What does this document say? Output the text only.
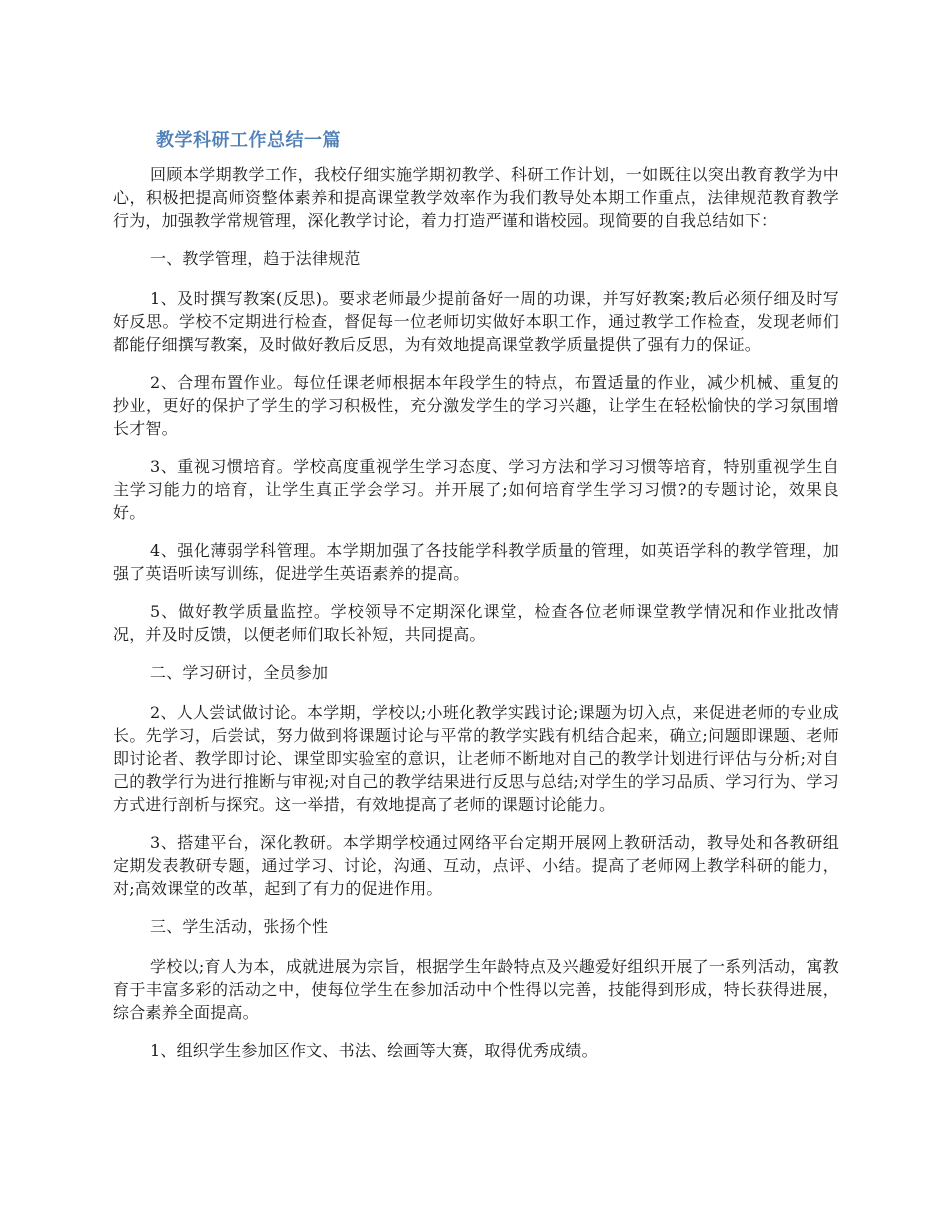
教学科研工作总结一篇

回顾本学期教学工作，我校仔细实施学期初教学、科研工作计划，一如既往以突出教育教学为中心，积极把提高师资整体素养和提高课堂教学效率作为我们教导处本期工作重点，法律规范教育教学行为，加强教学常规管理，深化教学讨论，着力打造严谨和谐校园。现简要的自我总结如下：

一、教学管理，趋于法律规范

1、及时撰写教案(反思)。要求老师最少提前备好一周的功课，并写好教案;教后必须仔细及时写好反思。学校不定期进行检查，督促每一位老师切实做好本职工作，通过教学工作检查，发现老师们都能仔细撰写教案，及时做好教后反思，为有效地提高课堂教学质量提供了强有力的保证。

2、合理布置作业。每位任课老师根据本年段学生的特点，布置适量的作业，减少机械、重复的抄业，更好的保护了学生的学习积极性，充分激发学生的学习兴趣，让学生在轻松愉快的学习氛围增长才智。

3、重视习惯培育。学校高度重视学生学习态度、学习方法和学习习惯等培育，特别重视学生自主学习能力的培育，让学生真正学会学习。并开展了;如何培育学生学习习惯?的专题讨论，效果良好。

4、强化薄弱学科管理。本学期加强了各技能学科教学质量的管理，如英语学科的教学管理，加强了英语听读写训练，促进学生英语素养的提高。

5、做好教学质量监控。学校领导不定期深化课堂，检查各位老师课堂教学情况和作业批改情况，并及时反馈，以便老师们取长补短，共同提高。

二、学习研讨，全员参加

2、人人尝试做讨论。本学期，学校以;小班化教学实践讨论;课题为切入点，来促进老师的专业成长。先学习，后尝试，努力做到将课题讨论与平常的教学实践有机结合起来，确立;问题即课题、老师即讨论者、教学即讨论、课堂即实验室的意识，让老师不断地对自己的教学计划进行评估与分析;对自己的教学行为进行推断与审视;对自己的教学结果进行反思与总结;对学生的学习品质、学习行为、学习方式进行剖析与探究。这一举措，有效地提高了老师的课题讨论能力。

3、搭建平台，深化教研。本学期学校通过网络平台定期开展网上教研活动，教导处和各教研组定期发表教研专题，通过学习、讨论，沟通、互动，点评、小结。提高了老师网上教学科研的能力，对;高效课堂的改革，起到了有力的促进作用。

三、学生活动，张扬个性

学校以;育人为本，成就进展为宗旨，根据学生年龄特点及兴趣爱好组织开展了一系列活动，寓教育于丰富多彩的活动之中，使每位学生在参加活动中个性得以完善，技能得到形成，特长获得进展，综合素养全面提高。

1、组织学生参加区作文、书法、绘画等大赛，取得优秀成绩。
